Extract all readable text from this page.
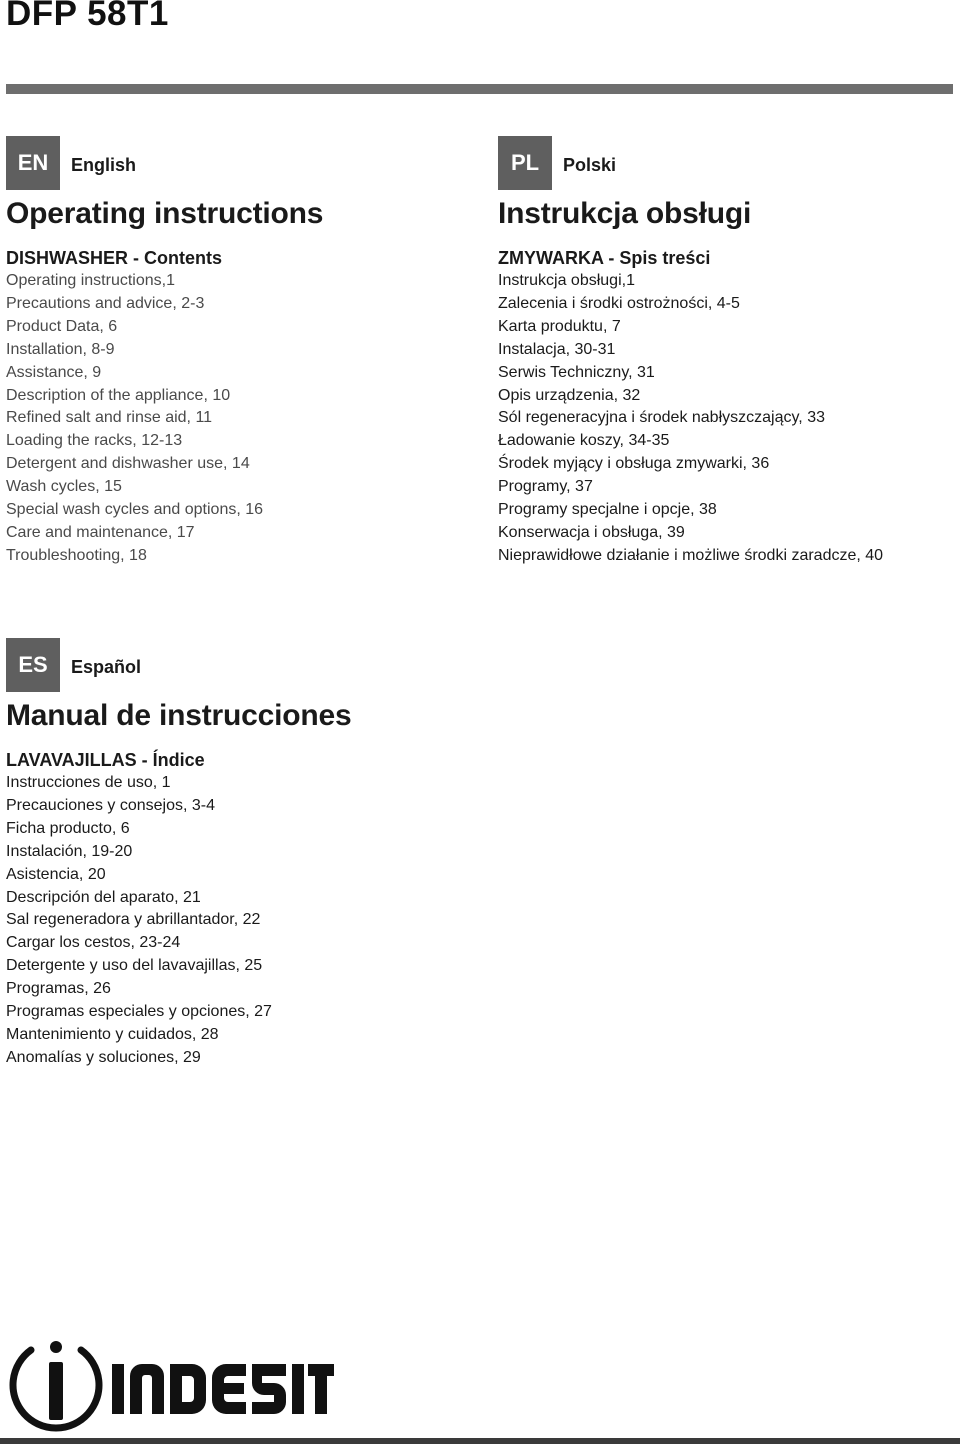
DFP 58T1
EN	English
Operating instructions
DISHWASHER - Contents
Operating instructions,1
Precautions and advice, 2-3
Product Data, 6
Installation, 8-9
Assistance, 9
Description of the appliance, 10
Refined salt and rinse aid, 11
Loading the racks, 12-13
Detergent and dishwasher use, 14
Wash cycles, 15
Special wash cycles and options, 16
Care and maintenance, 17
Troubleshooting, 18
PL	Polski
Instrukcja obsługi
ZMYWARKA - Spis treści
Instrukcja obsługi,1
Zalecenia i środki ostrożności, 4-5
Karta produktu, 7
Instalacja, 30-31
Serwis Techniczny, 31
Opis urządzenia, 32
Sól regeneracyjna i środek nabłyszczający, 33
Ładowanie koszy, 34-35
Środek myjący i obsługa zmywarki, 36
Programy, 37
Programy specjalne i opcje, 38
Konserwacja i obsługa, 39
Nieprawidłowe działanie i możliwe środki zaradcze, 40
ES	Español
Manual de instrucciones
LAVAVAJILLAS - Índice
Instrucciones de uso, 1
Precauciones y consejos, 3-4
Ficha producto, 6
Instalación, 19-20
Asistencia, 20
Descripción del aparato, 21
Sal regeneradora y abrillantador, 22
Cargar los cestos, 23-24
Detergente y uso del lavavajillas, 25
Programas, 26
Programas especiales y opciones, 27
Mantenimiento y cuidados, 28
Anomalías y soluciones, 29
